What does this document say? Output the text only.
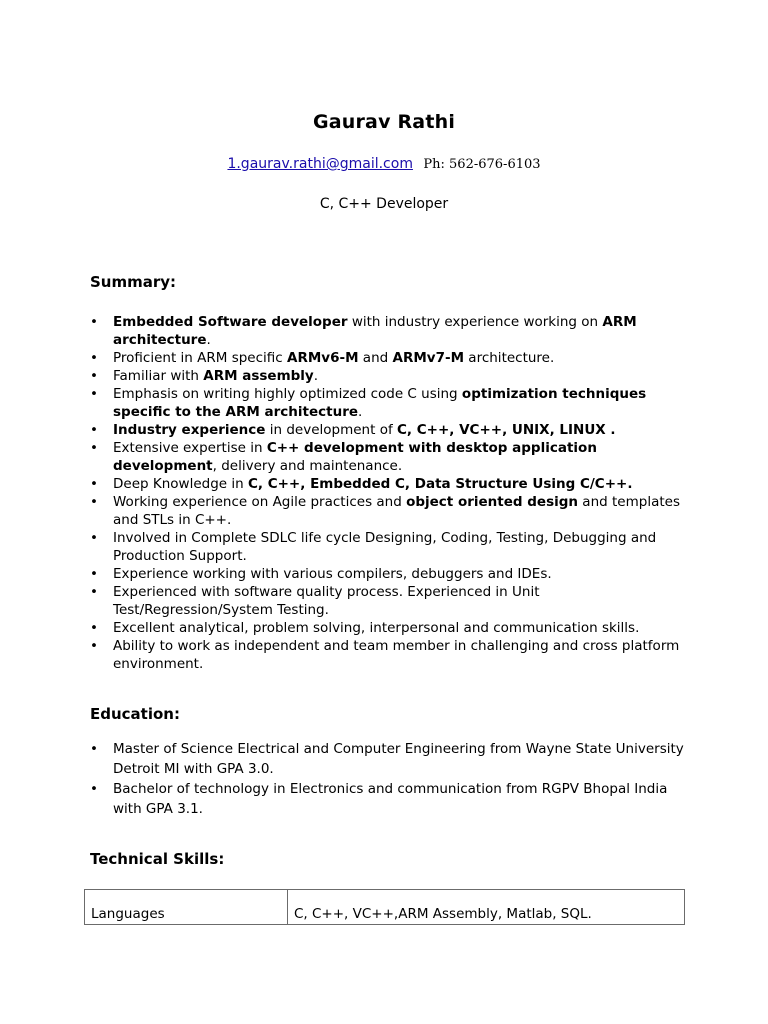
Gaurav Rathi
1.gaurav.rathi@gmail.com Ph: 562-676-6103
C, C++ Developer
Summary:
• Embedded Software developer with industry experience working on ARM architecture.
• Proficient in ARM specific ARMv6-M and ARMv7-M architecture.
• Familiar with ARM assembly.
• Emphasis on writing highly optimized code C using optimization techniques specific to the ARM architecture.
• Industry experience in development of C, C++, VC++, UNIX, LINUX .
• Extensive expertise in C++ development with desktop application development, delivery and maintenance.
• Deep Knowledge in C, C++, Embedded C, Data Structure Using C/C++.
• Working experience on Agile practices and object oriented design and templates and STLs in C++.
• Involved in Complete SDLC life cycle Designing, Coding, Testing, Debugging and Production Support.
• Experience working with various compilers, debuggers and IDEs.
• Experienced with software quality process. Experienced in Unit Test/Regression/System Testing.
• Excellent analytical, problem solving, interpersonal and communication skills.
• Ability to work as independent and team member in challenging and cross platform environment.
Education:
• Master of Science Electrical and Computer Engineering from Wayne State University Detroit MI with GPA 3.0.
• Bachelor of technology in Electronics and communication from RGPV Bhopal India with GPA 3.1.
Technical Skills:
Languages	C, C++, VC++,ARM Assembly, Matlab, SQL.
